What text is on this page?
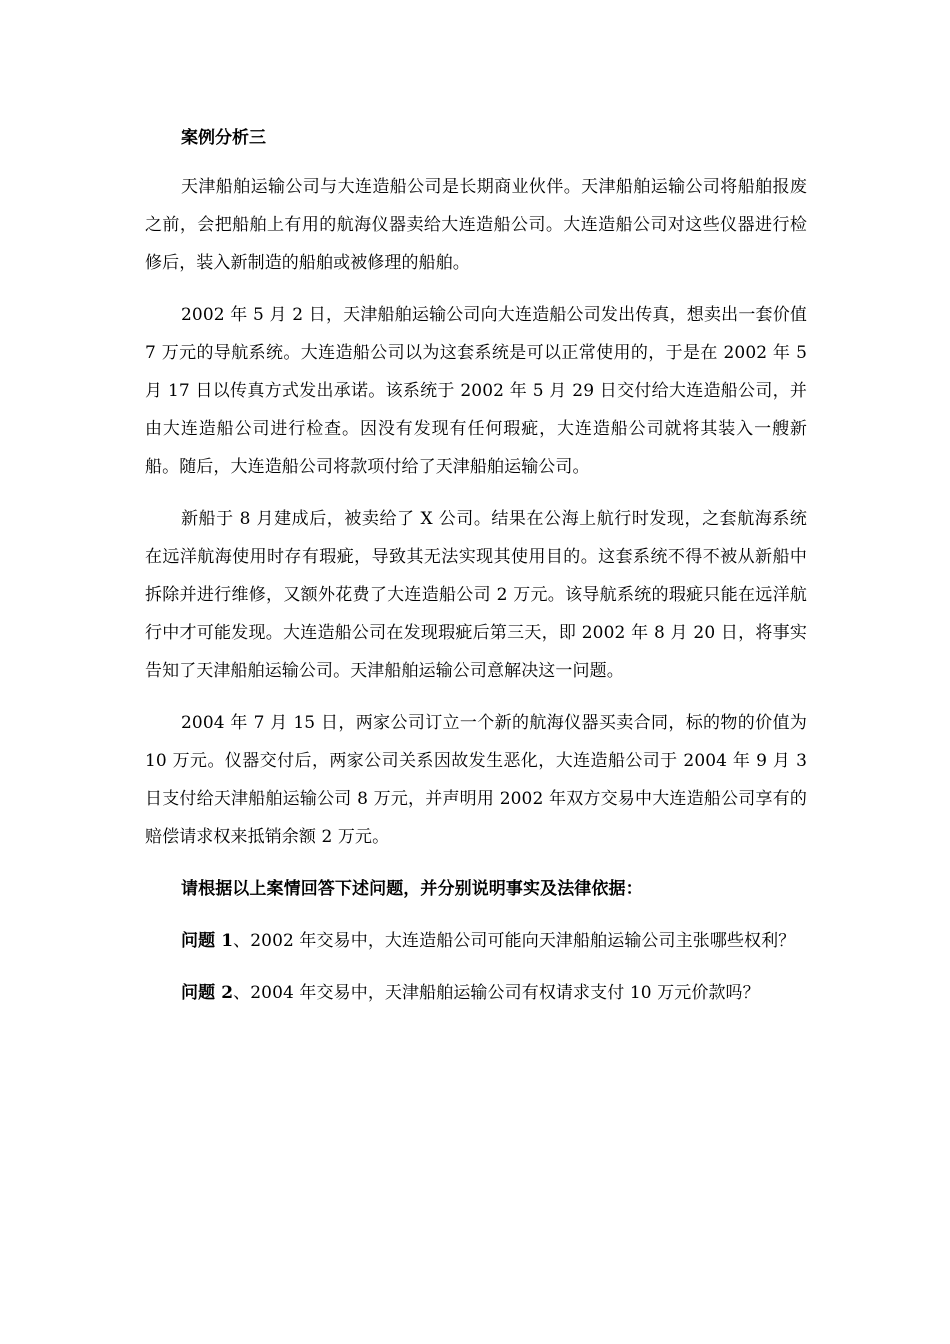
案例分析三

天津船舶运输公司与大连造船公司是长期商业伙伴。天津船舶运输公司将船舶报废之前，会把船舶上有用的航海仪器卖给大连造船公司。大连造船公司对这些仪器进行检修后，装入新制造的船舶或被修理的船舶。

2002 年 5 月 2 日，天津船舶运输公司向大连造船公司发出传真，想卖出一套价值 7 万元的导航系统。大连造船公司以为这套系统是可以正常使用的，于是在 2002 年 5 月 17 日以传真方式发出承诺。该系统于 2002 年 5 月 29 日交付给大连造船公司，并由大连造船公司进行检查。因没有发现有任何瑕疵，大连造船公司就将其装入一艘新船。随后，大连造船公司将款项付给了天津船舶运输公司。

新船于 8 月建成后，被卖给了 X 公司。结果在公海上航行时发现，之套航海系统在远洋航海使用时存有瑕疵，导致其无法实现其使用目的。这套系统不得不被从新船中拆除并进行维修，又额外花费了大连造船公司 2 万元。该导航系统的瑕疵只能在远洋航行中才可能发现。大连造船公司在发现瑕疵后第三天，即 2002 年 8 月 20 日，将事实告知了天津船舶运输公司。天津船舶运输公司意解决这一问题。

2004 年 7 月 15 日，两家公司订立一个新的航海仪器买卖合同，标的物的价值为 10 万元。仪器交付后，两家公司关系因故发生恶化，大连造船公司于 2004 年 9 月 3 日支付给天津船舶运输公司 8 万元，并声明用 2002 年双方交易中大连造船公司享有的赔偿请求权来抵销余额 2 万元。

请根据以上案情回答下述问题，并分别说明事实及法律依据：

问题 1、2002 年交易中，大连造船公司可能向天津船舶运输公司主张哪些权利？

问题 2、2004 年交易中，天津船舶运输公司有权请求支付 10 万元价款吗？
